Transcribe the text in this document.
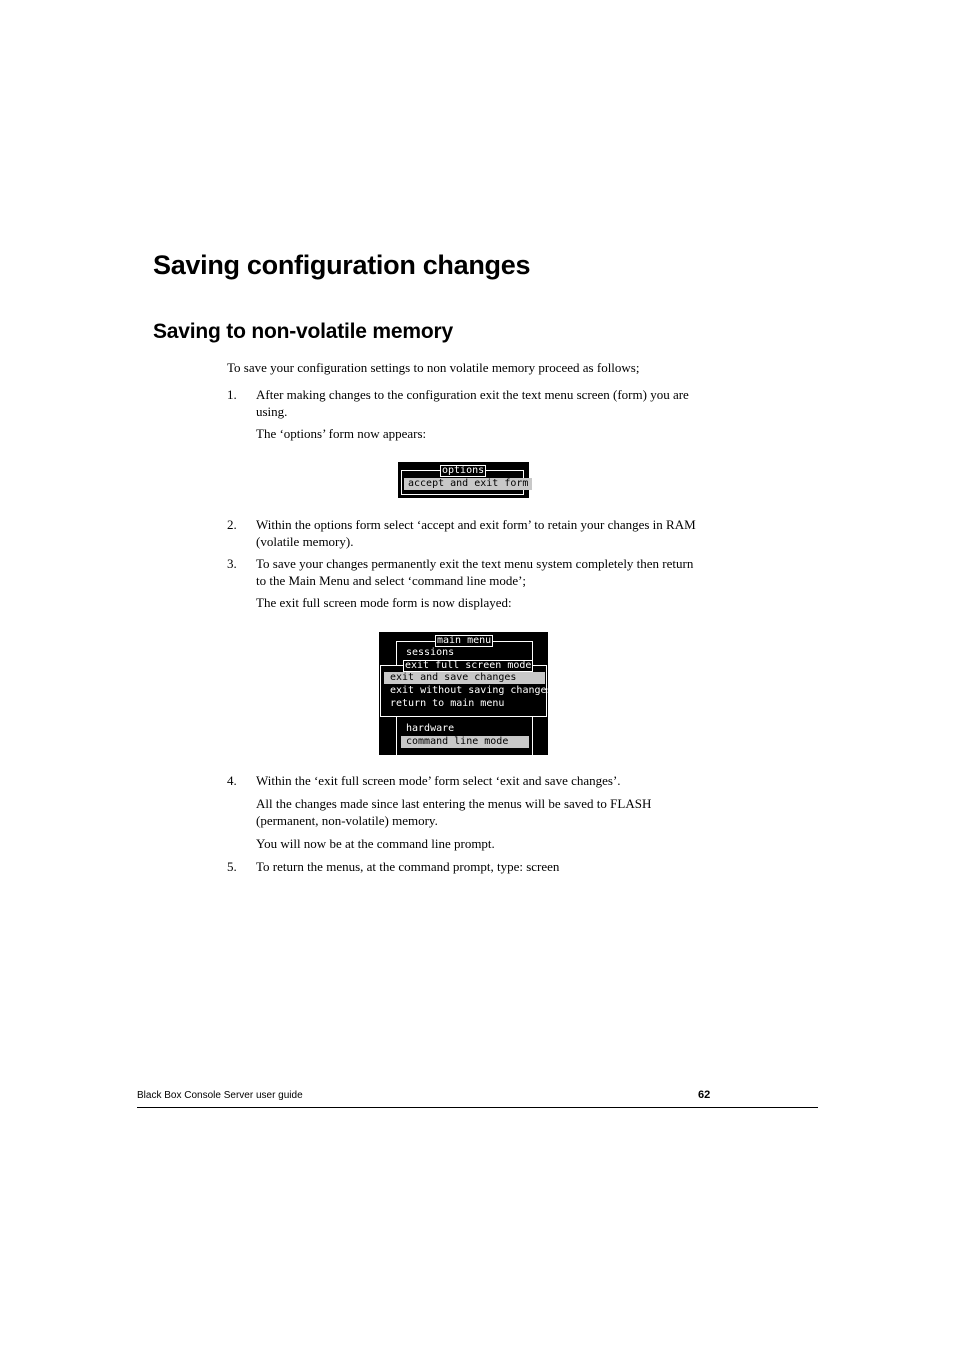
Saving configuration changes
Saving to non-volatile memory

To save your configuration settings to non volatile memory proceed as follows;

1. After making changes to the configuration exit the text menu screen (form) you are using.

The ‘options’ form now appears:

options
accept and exit form

2. Within the options form select ‘accept and exit form’ to retain your changes in RAM (volatile memory).

3. To save your changes permanently exit the text menu system completely then return to the Main Menu and select ‘command line mode’;

The exit full screen mode form is now displayed:

main menu
sessions
exit full screen mode
exit and save changes
exit without saving changes
return to main menu
hardware
command line mode

4. Within the ‘exit full screen mode’ form select ‘exit and save changes’.

All the changes made since last entering the menus will be saved to FLASH (permanent, non-volatile) memory.

You will now be at the command line prompt.

5. To return the menus, at the command prompt, type: screen

Black Box Console Server user guide	62
